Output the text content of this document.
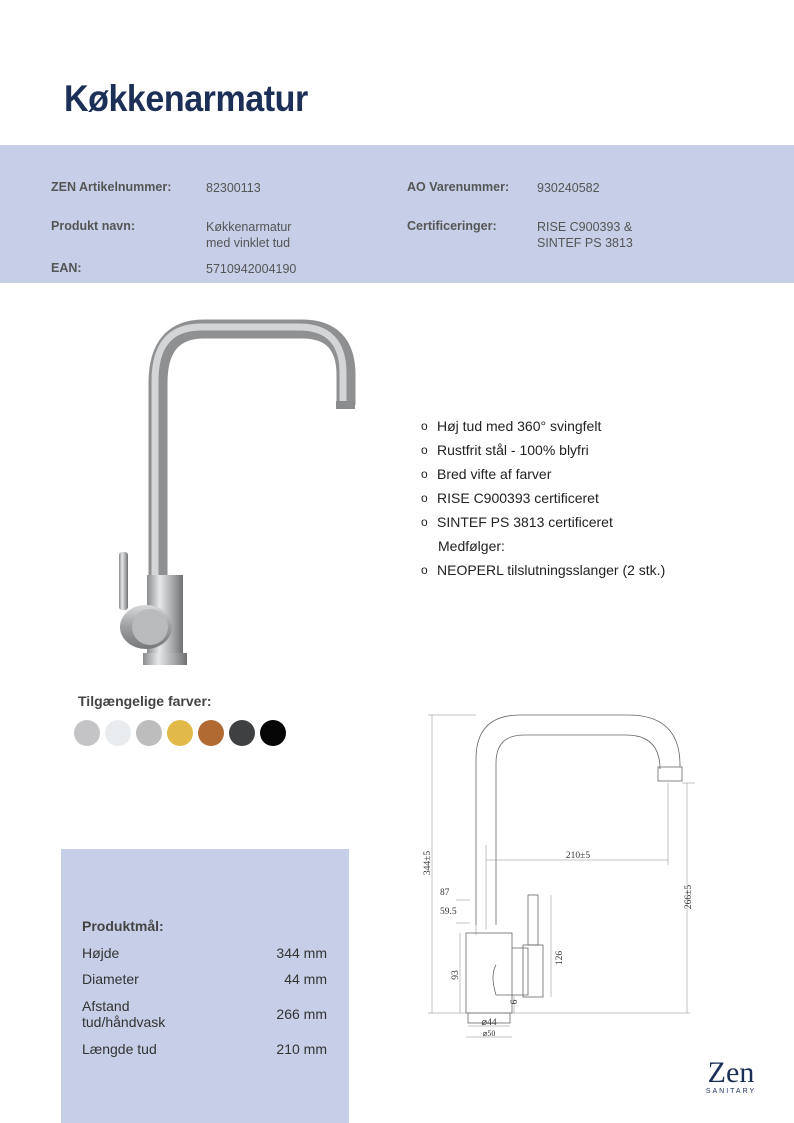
Køkkenarmatur
ZEN Artikelnummer:	82300113	AO Varenummer: 930240582
Produkt navn:	Køkkenarmatur
med vinklet tud
Certificeringer:	RISE C900393 &
SINTEF PS 3813
EAN:	5710942004190
o Høj tud med 360° svingfelt
o Rustfrit stål - 100% blyfri
o Bred vifte af farver
o RISE C900393 certificeret
o SINTEF PS 3813 certificeret
Medfølger:
o NEOPERL tilslutningsslanger (2 stk.)
Tilgængelige farver:
Produktmål:
Højde	344 mm
Diameter	44 mm
Afstand
tud/håndvask	266 mm
Længde tud	210 mm
344±5	210±5
266±5
87
59.5
93
126
6
⌀44
⌀50
Zen
SANITARY
